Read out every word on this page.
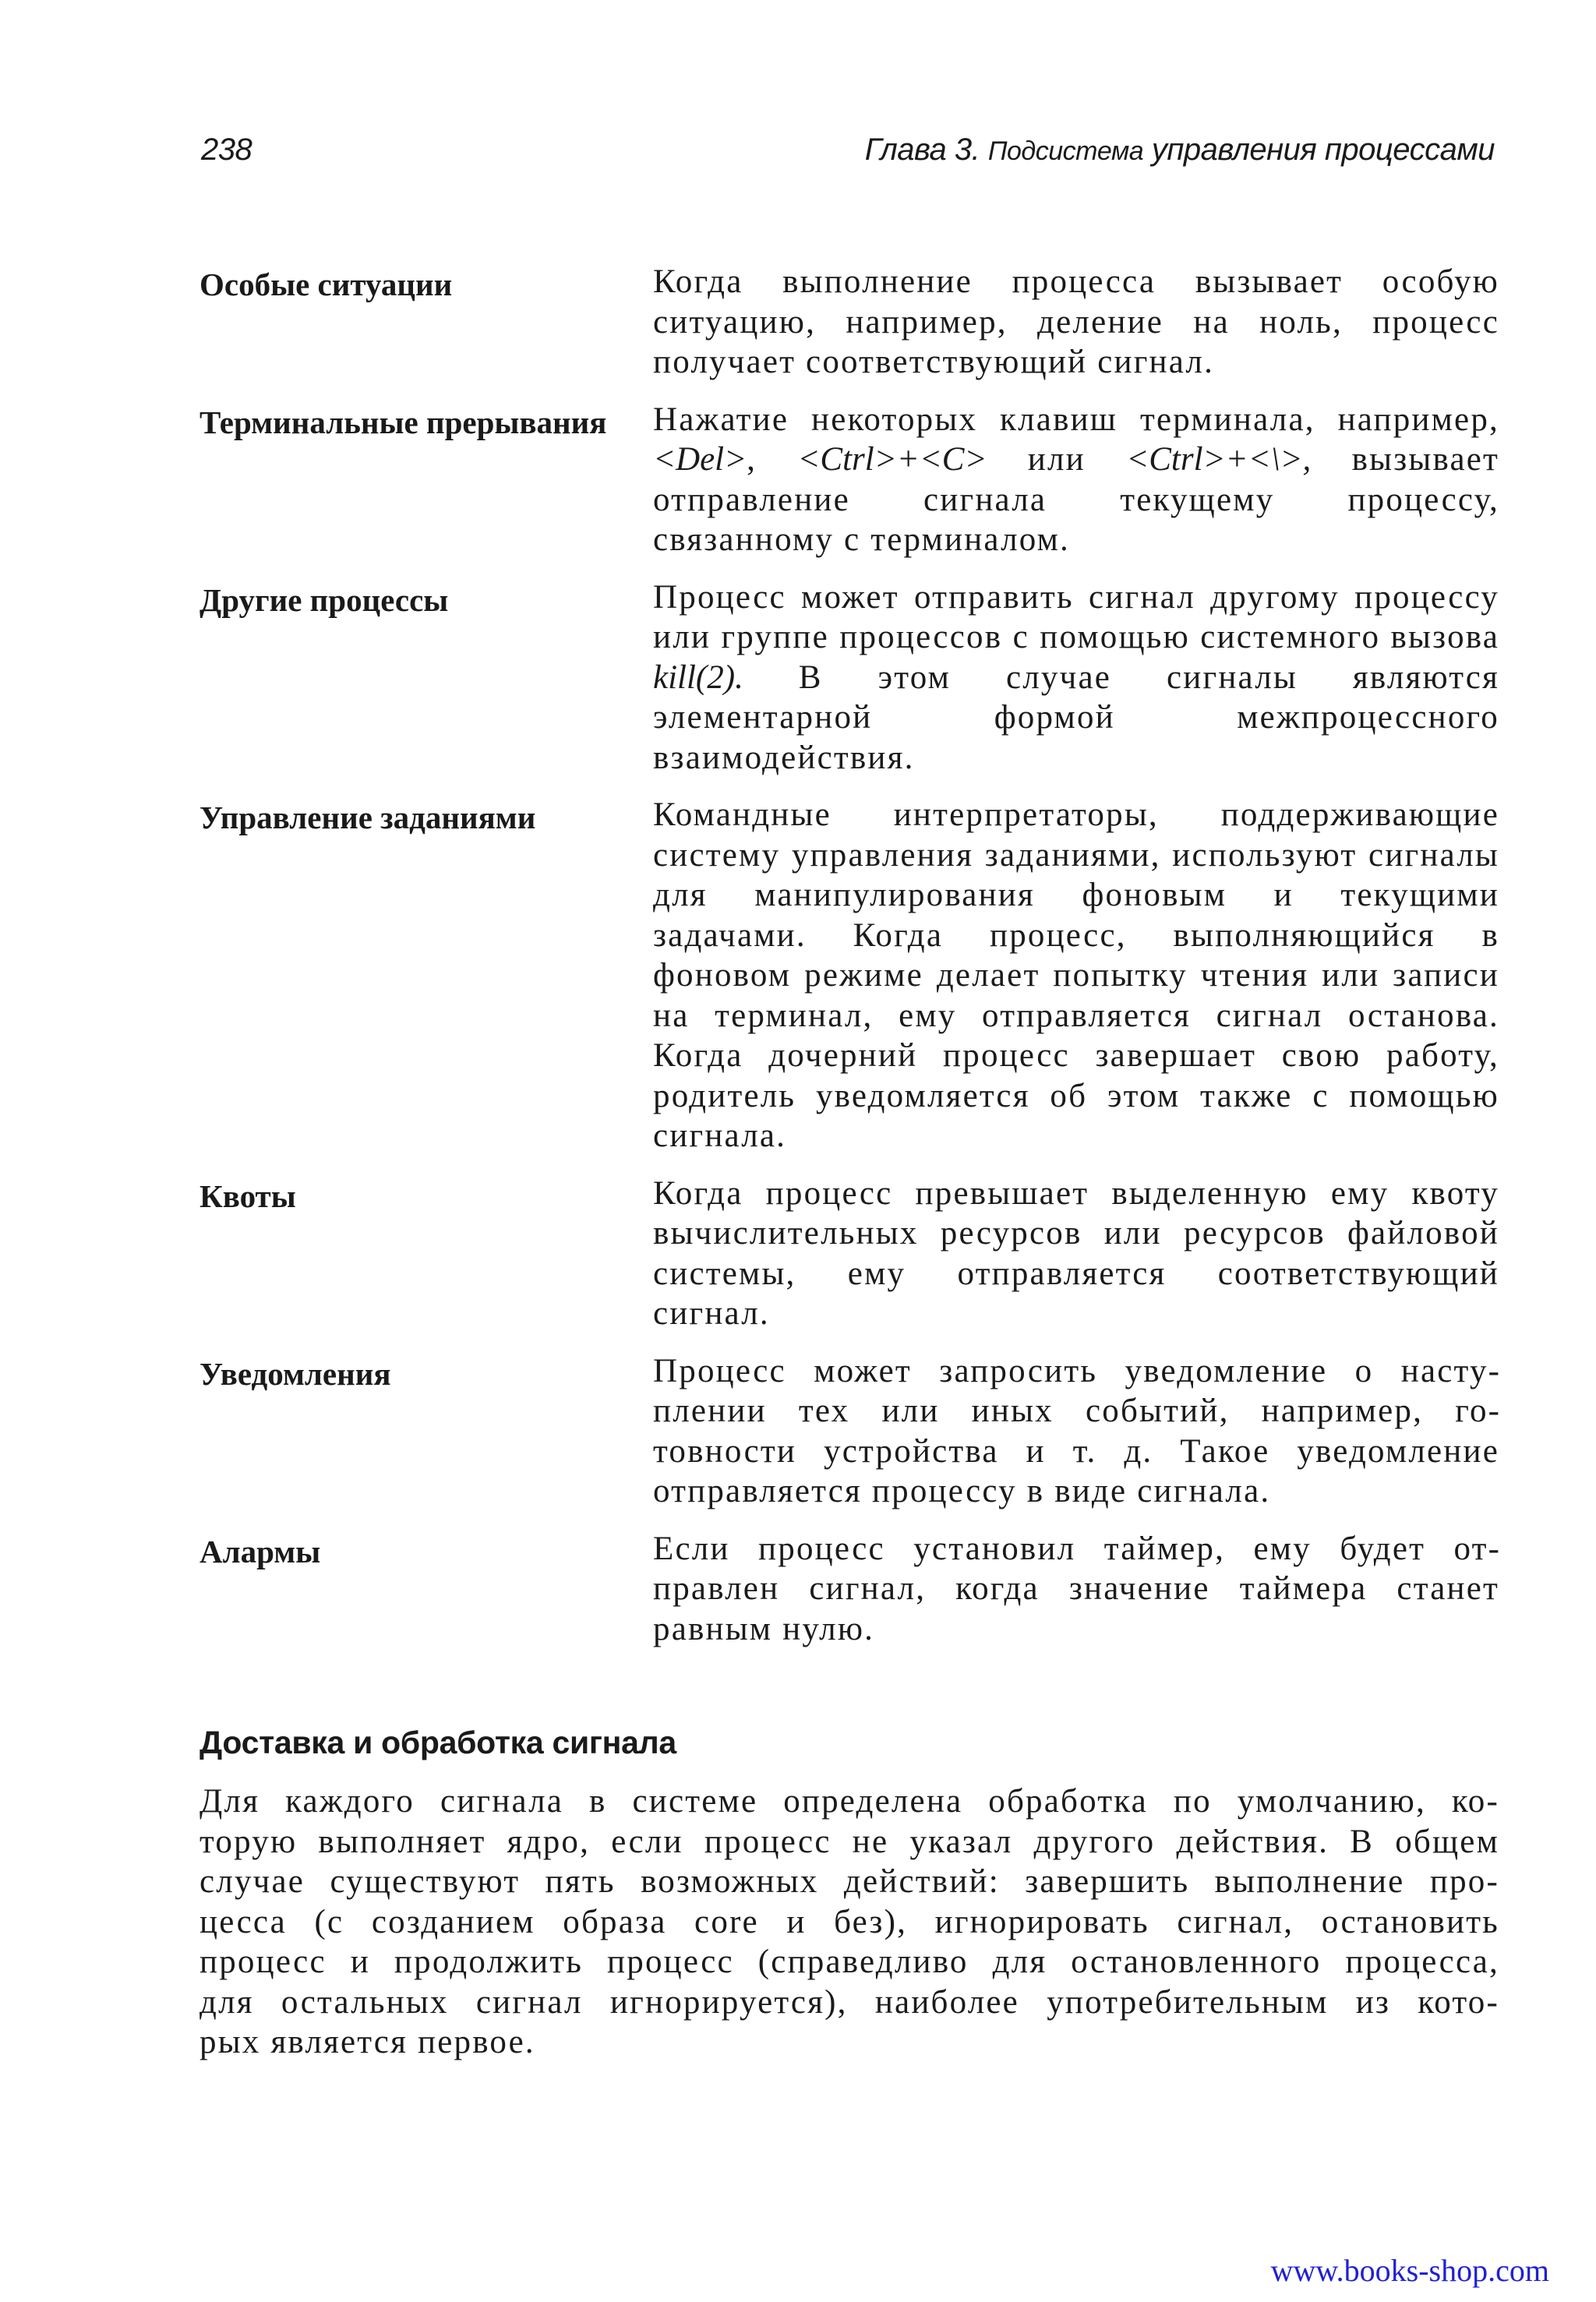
238	Глава 3. Подсистема управления процессами
Особые ситуации	Когда выполнение процесса вызывает особую ситуацию, например, деление на ноль, процесс получает соответствующий сигнал.
Терминальные прерывания	Нажатие некоторых клавиш терминала, например, <Del>, <Ctrl>+<C> или <Ctrl>+<\>, вызывает отправление сигнала текущему процессу, связанному с терминалом.
Другие процессы	Процесс может отправить сигнал другому процессу или группе процессов с помощью системного вызова kill(2). В этом случае сигналы являются элементарной формой межпроцессного взаимодействия.
Управление заданиями	Командные интерпретаторы, поддерживающие систему управления заданиями, используют сигналы для манипулирования фоновым и текущими задачами. Когда процесс, выполняющийся в фоновом режиме делает попытку чтения или записи на терминал, ему отправляется сигнал останова. Когда дочерний процесс завершает свою работу, родитель уведомляется об этом также с помощью сигнала.
Квоты	Когда процесс превышает выделенную ему квоту вычислительных ресурсов или ресурсов файловой системы, ему отправляется соответствующий сигнал.
Уведомления	Процесс может запросить уведомление о наступлении тех или иных событий, например, готовности устройства и т. д. Такое уведомление отправляется процессу в виде сигнала.
Алармы	Если процесс установил таймер, ему будет отправлен сигнал, когда значение таймера станет равным нулю.
Доставка и обработка сигнала
Для каждого сигнала в системе определена обработка по умолчанию, ко-
торую выполняет ядро, если процесс не указал другого действия. В общем
случае существуют пять возможных действий: завершить выполнение про-
цесса (с созданием образа core и без), игнорировать сигнал, остановить
процесс и продолжить процесс (справедливо для остановленного процесса,
для остальных сигнал игнорируется), наиболее употребительным из кото-
рых является первое.
www.books-shop.com
